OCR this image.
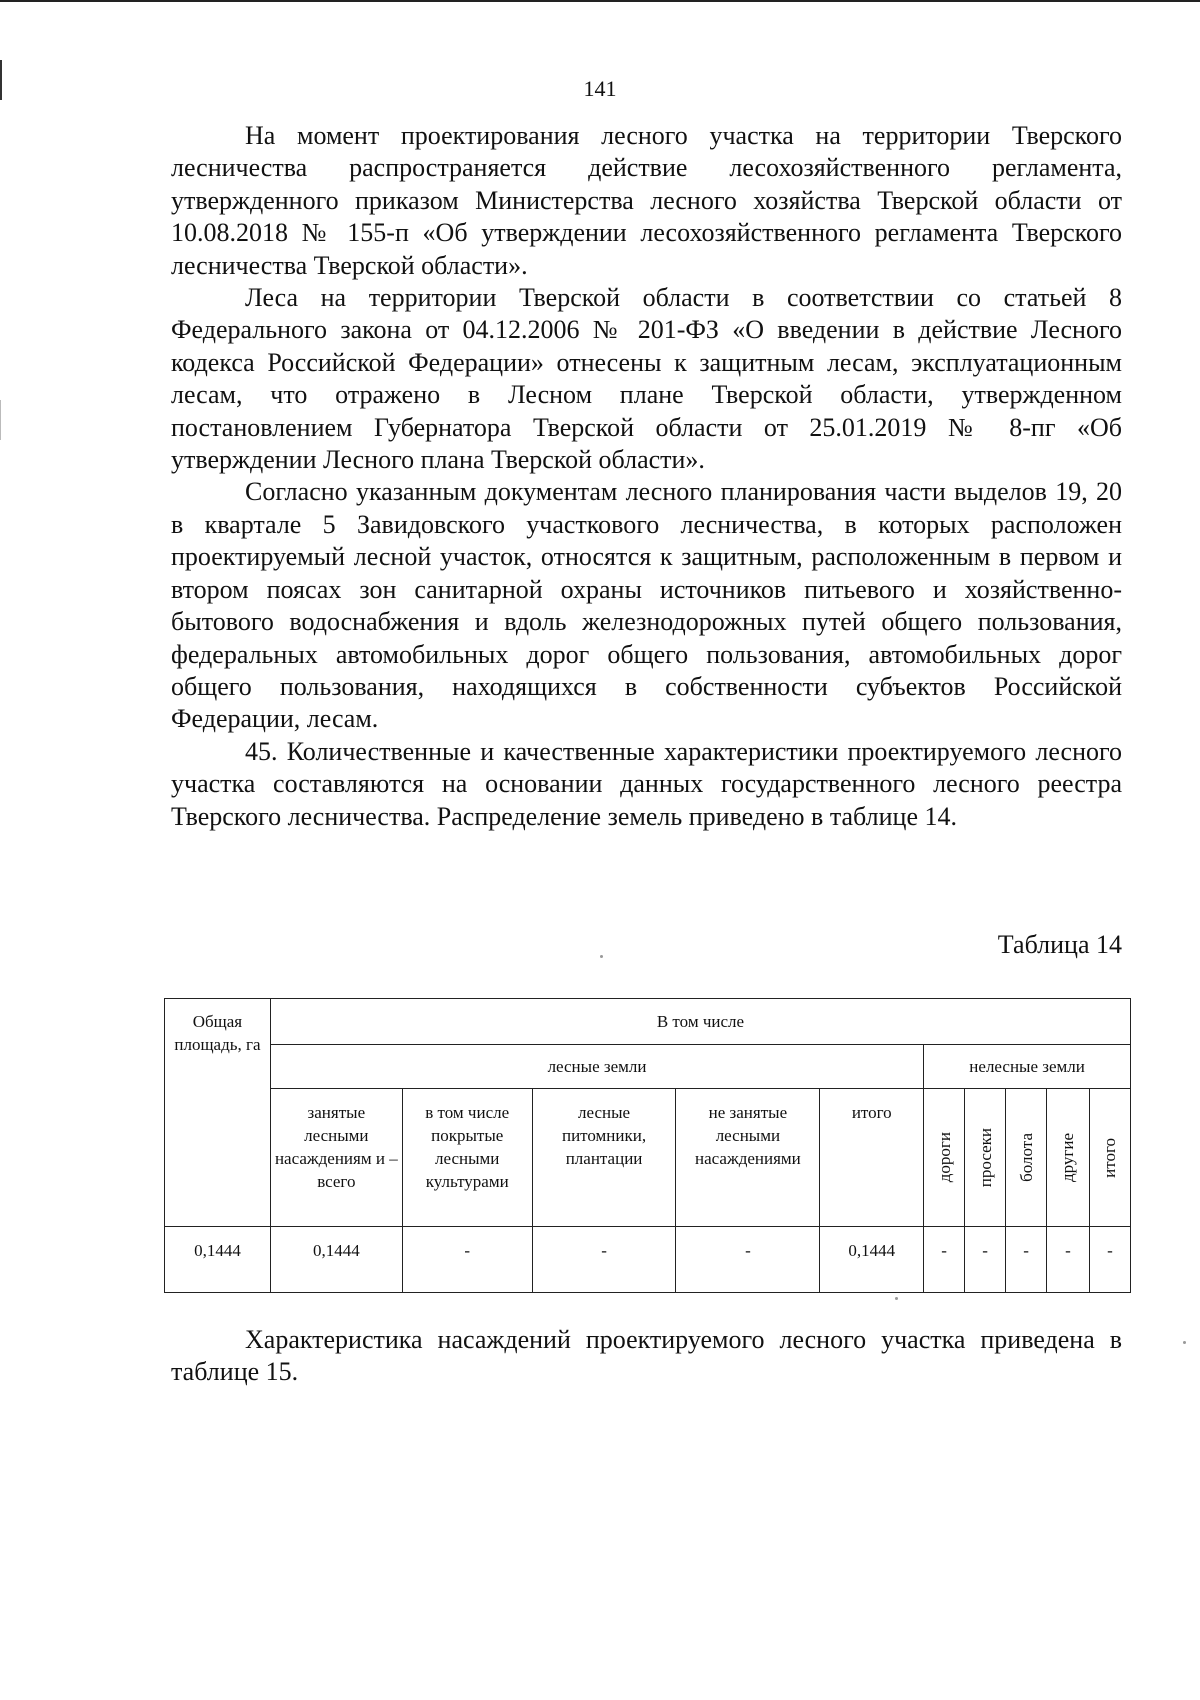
141

На момент проектирования лесного участка на территории Тверского лесничества распространяется действие лесохозяйственного регламента, утвержденного приказом Министерства лесного хозяйства Тверской области от 10.08.2018 № 155-п «Об утверждении лесохозяйственного регламента Тверского лесничества Тверской области».

Леса на территории Тверской области в соответствии со статьей 8 Федерального закона от 04.12.2006 № 201-ФЗ «О введении в действие Лесного кодекса Российской Федерации» отнесены к защитным лесам, эксплуатационным лесам, что отражено в Лесном плане Тверской области, утвержденном постановлением Губернатора Тверской области от 25.01.2019 № 8-пг «Об утверждении Лесного плана Тверской области».

Согласно указанным документам лесного планирования части выделов 19, 20 в квартале 5 Завидовского участкового лесничества, в которых расположен проектируемый лесной участок, относятся к защитным, расположенным в первом и втором поясах зон санитарной охраны источников питьевого и хозяйственно-бытового водоснабжения и вдоль железнодорожных путей общего пользования, федеральных автомобильных дорог общего пользования, автомобильных дорог общего пользования, находящихся в собственности субъектов Российской Федерации, лесам.

45. Количественные и качественные характеристики проектируемого лесного участка составляются на основании данных государственного лесного реестра Тверского лесничества. Распределение земель приведено в таблице 14.

Таблица 14
Общая площадь, га	В том числе									
	лесные земли					нелесные земли				
	занятые лесными насаждениям и – всего	в том числе покрытые лесными культурами	лесные питомники, плантации	не занятые лесными насаждениями	итого	дороги	просеки	болота	другие	итого
0,1444	0,1444	-	-	-	0,1444	-	-	-	-	-

Характеристика насаждений проектируемого лесного участка приведена в таблице 15.
